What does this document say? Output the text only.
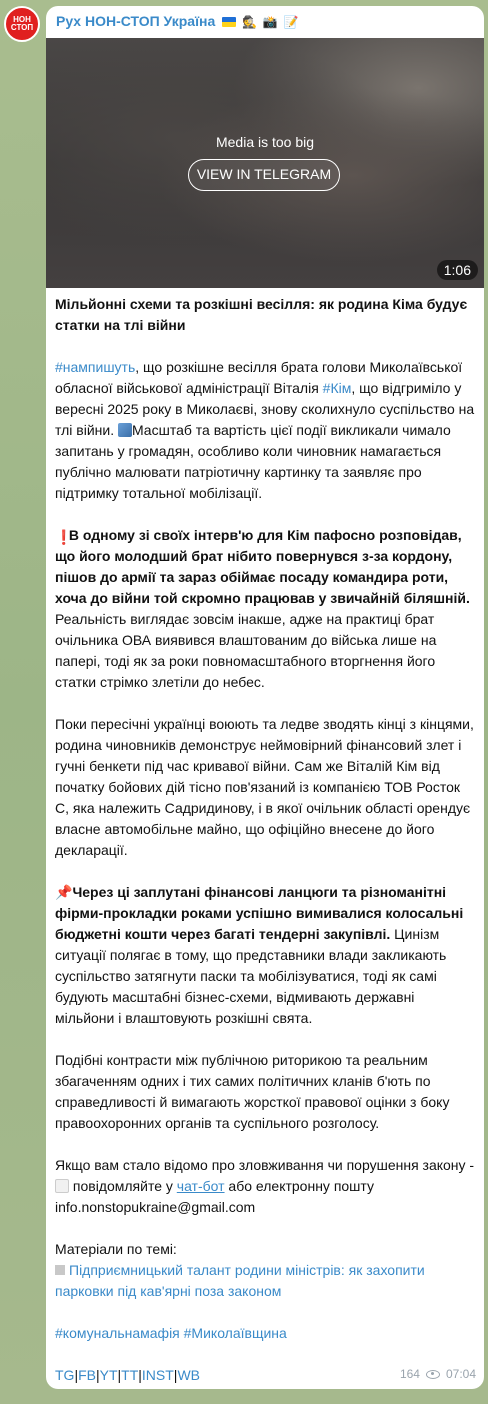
НОН
СТОП Рух НОН-СТОП Україна 🕵 📸 📝
Media is too big
VIEW IN TELEGRAM
1:06

Мільйонні схеми та розкішні весілля: як родина Кіма будує статки на тлі війни

#нампишуть, що розкішне весілля брата голови Миколаївської обласної військової адміністрації Віталія #Кім, що відгриміло у вересні 2025 року в Миколаєві, знову сколихнуло суспільство на тлі війни. Масштаб та вартість цієї події викликали чимало запитань у громадян, особливо коли чиновник намагається публічно малювати патріотичну картинку та заявляє про підтримку тотальної мобілізації.

❗ В одному зі своїх інтерв'ю для Кім пафосно розповідав, що його молодший брат нібито повернувся з-за кордону, пішов до армії та зараз обіймає посаду командира роти, хоча до війни той скромно працював у звичайній біляшній. Реальність виглядає зовсім інакше, адже на практиці брат очільника ОВА виявився влаштованим до війська лише на папері, тоді як за роки повномасштабного вторгнення його статки стрімко злетіли до небес.

Поки пересічні українці воюють та ледве зводять кінці з кінцями, родина чиновників демонструє неймовірний фінансовий злет і гучні бенкети під час кривавої війни. Сам же Віталій Кім від початку бойових дій тісно пов'язаний із компанією ТОВ Росток С, яка належить Садридинову, і в якої очільник області орендує власне автомобільне майно, що офіційно внесене до його декларації.

📌Через ці заплутані фінансові ланцюги та різноманітні фірми-прокладки роками успішно вимивалися колосальні бюджетні кошти через багаті тендерні закупівлі. Цинізм ситуації полягає в тому, що представники влади закликають суспільство затягнути паски та мобілізуватися, тоді як самі будують масштабні бізнес-схеми, відмивають державні мільйони і влаштовують розкішні свята.

Подібні контрасти між публічною риторикою та реальним збагаченням одних і тих самих політичних кланів б'ють по справедливості й вимагають жорсткої правової оцінки з боку правоохоронних органів та суспільного розголосу.

Якщо вам стало відомо про зловживання чи порушення закону -  повідомляйте у чат-бот або електронну пошту info.nonstopukraine@gmail.com

Матеріали по темі:
Підприємницький талант родини міністрів: як захопити парковки під кав'ярні поза законом

#комунальнамафія #Миколаївщина

TG|FB|YT|TT|INST|WB	164 07:04
